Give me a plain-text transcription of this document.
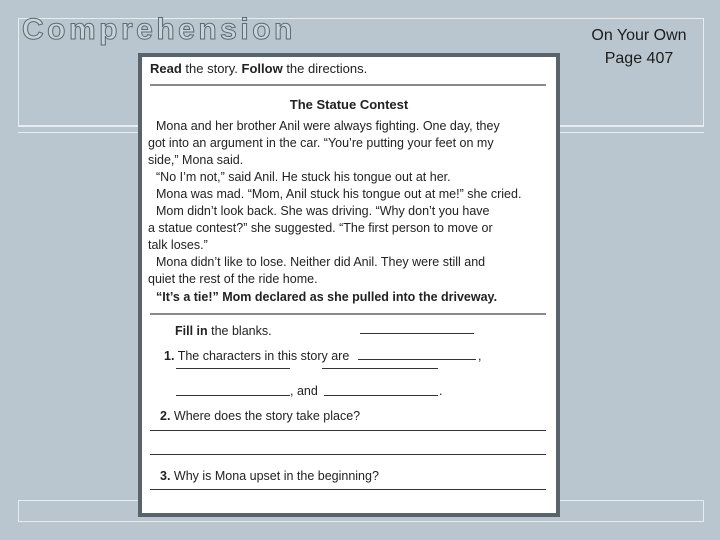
Comprehension	On Your Own
Page 407
Read the story. Follow the directions.
The Statue Contest
Mona and her brother Anil were always fighting. One day, they
got into an argument in the car. “You’re putting your feet on my
side,” Mona said.
“No I’m not,” said Anil. He stuck his tongue out at her.
Mona was mad. “Mom, Anil stuck his tongue out at me!” she cried.
Mom didn’t look back. She was driving. “Why don’t you have
a statue contest?” she suggested. “The first person to move or
talk loses.”
Mona didn’t like to lose. Neither did Anil. They were still and
quiet the rest of the ride home.
“It’s a tie!” Mom declared as she pulled into the driveway.
Fill in the blanks.
1. The characters in this story are	,
, and	.
2. Where does the story take place?
3. Why is Mona upset in the beginning?
